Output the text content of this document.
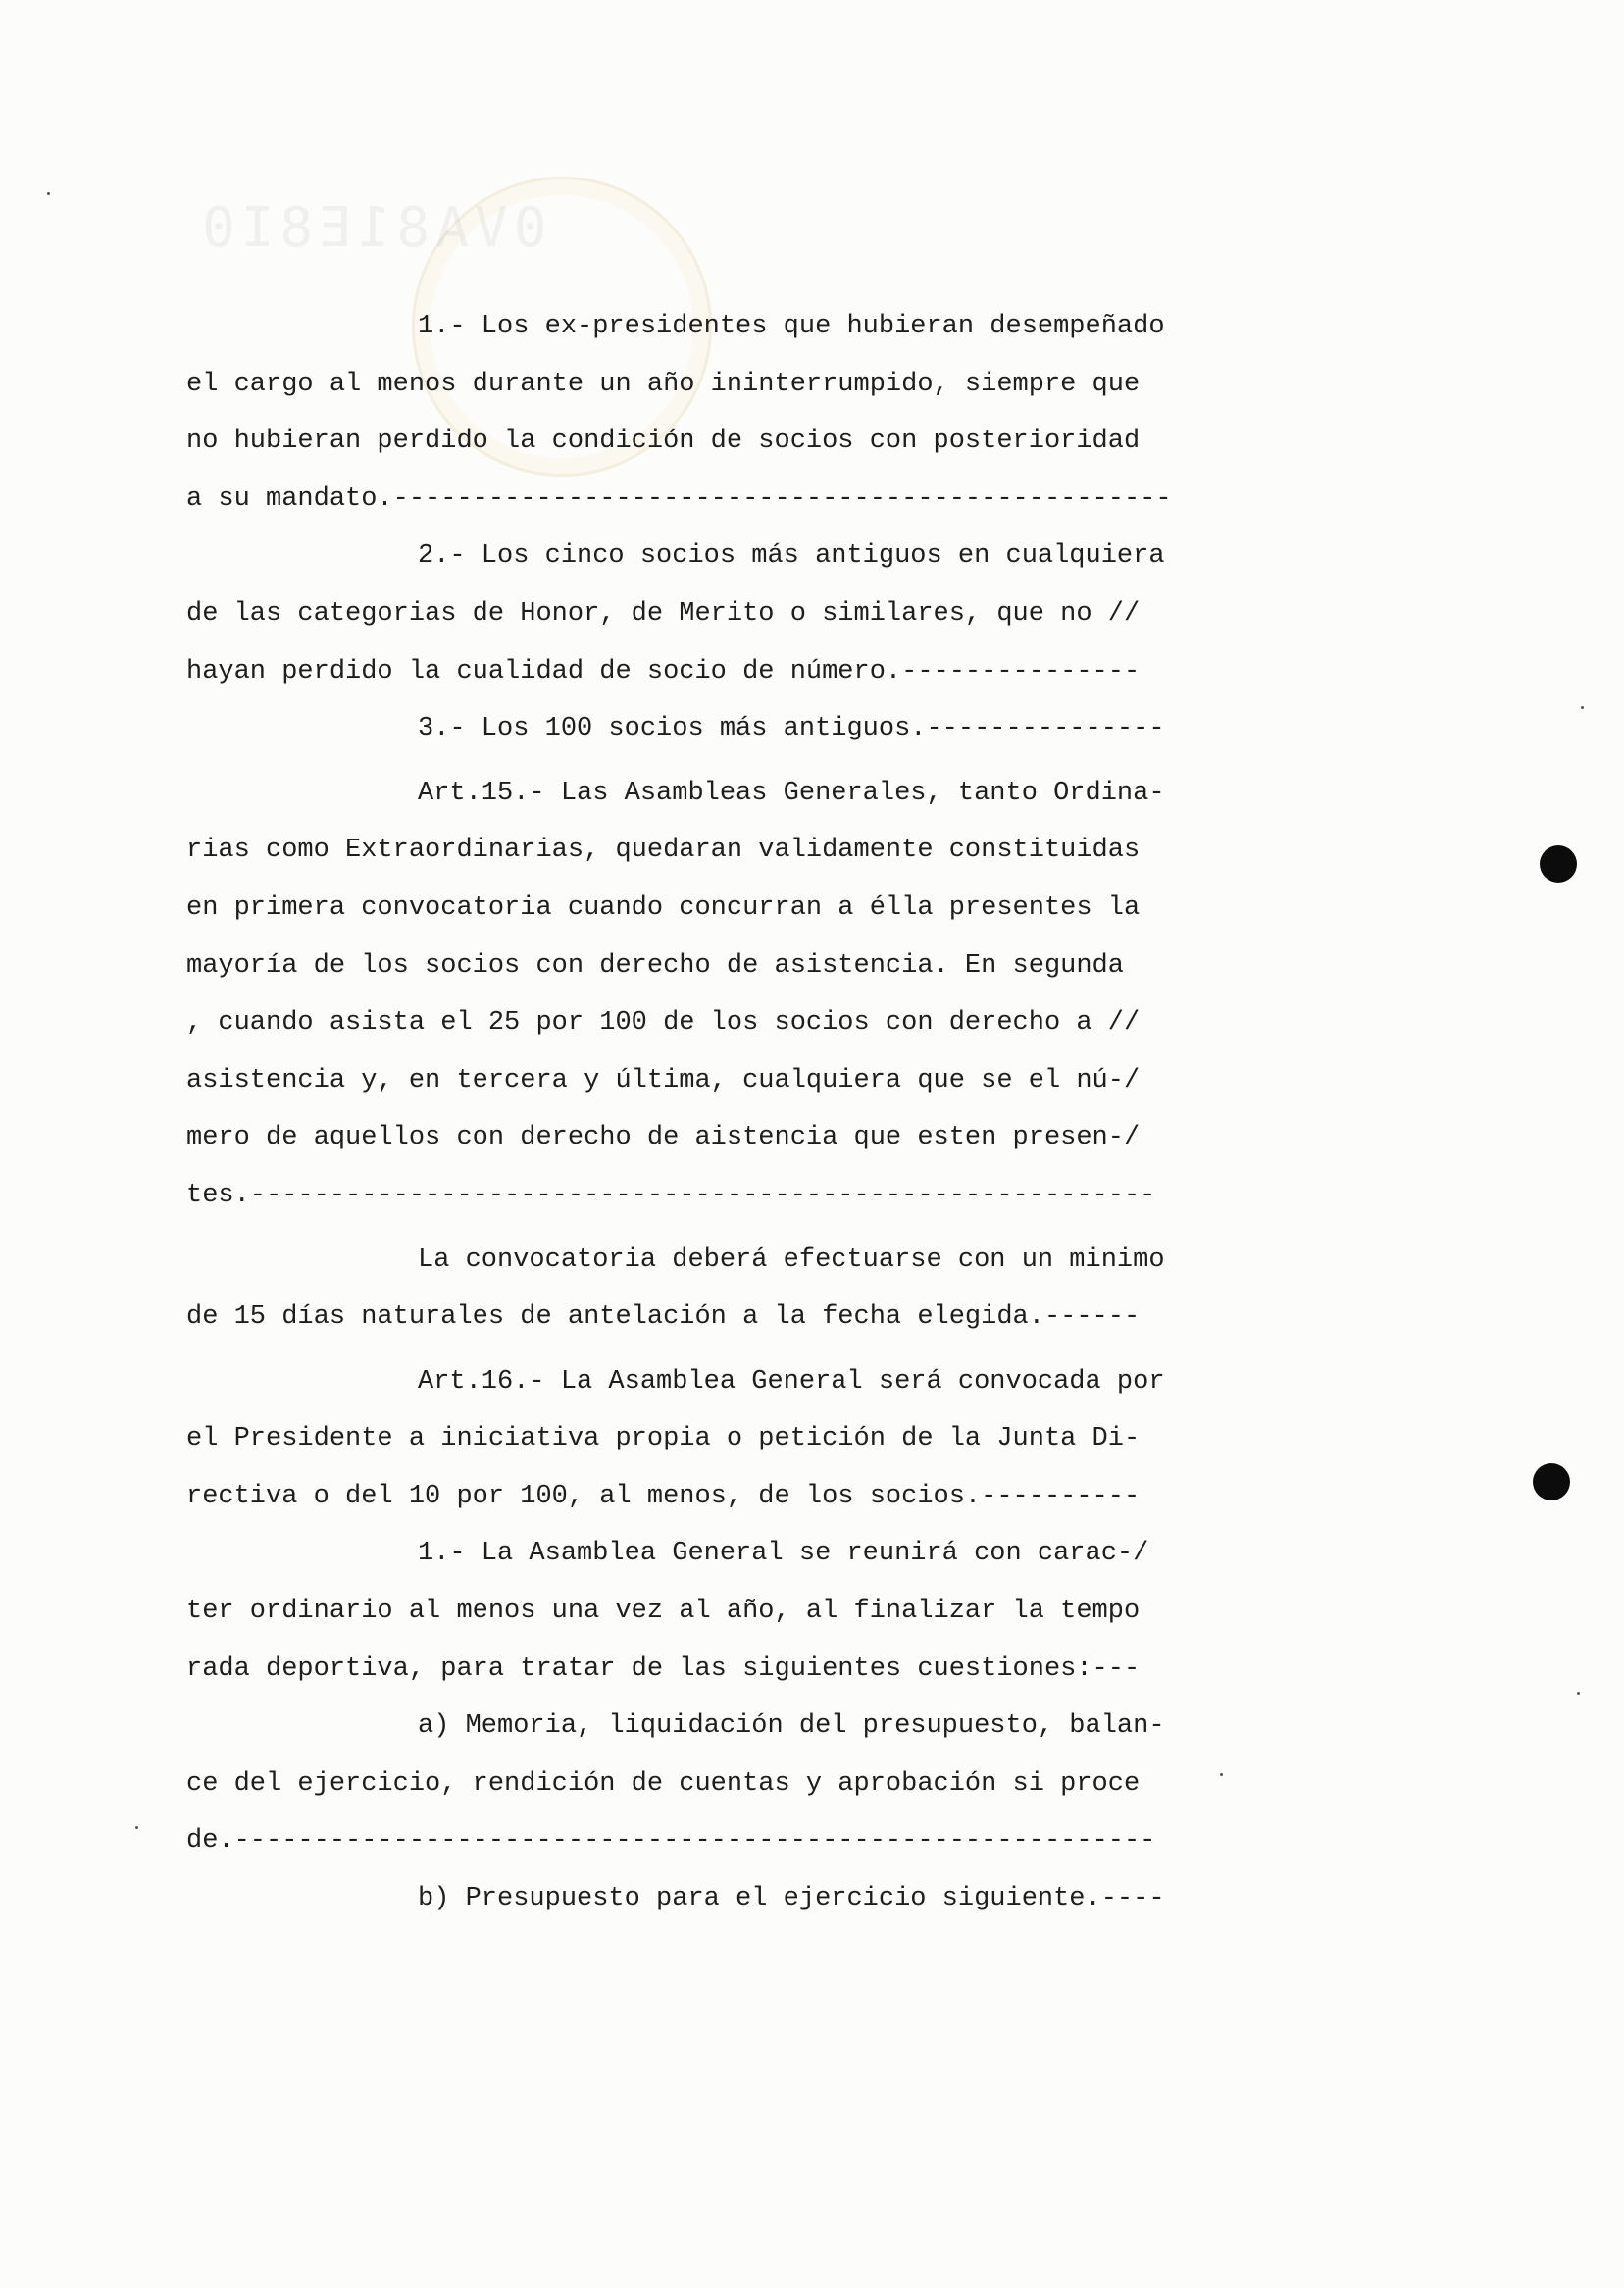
0VA81E8I0
1.- Los ex-presidentes que hubieran desempeñado
el cargo al menos durante un año ininterrumpido, siempre que
no hubieran perdido la condición de socios con posterioridad
a su mandato.-------------------------------------------------
2.- Los cinco socios más antiguos en cualquiera
de las categorias de Honor, de Merito o similares, que no //
hayan perdido la cualidad de socio de número.---------------
3.- Los 100 socios más antiguos.---------------
Art.15.- Las Asambleas Generales, tanto Ordina-
rias como Extraordinarias, quedaran validamente constituidas
en primera convocatoria cuando concurran a élla presentes la
mayoría de los socios con derecho de asistencia. En segunda
, cuando asista el 25 por 100 de los socios con derecho a //
asistencia y, en tercera y última, cualquiera que se el nú-/
mero de aquellos con derecho de aistencia que esten presen-/
tes.---------------------------------------------------------
La convocatoria deberá efectuarse con un minimo
de 15 días naturales de antelación a la fecha elegida.------
Art.16.- La Asamblea General será convocada por
el Presidente a iniciativa propia o petición de la Junta Di-
rectiva o del 10 por 100, al menos, de los socios.----------
1.- La Asamblea General se reunirá con carac-/
ter ordinario al menos una vez al año, al finalizar la tempo
rada deportiva, para tratar de las siguientes cuestiones:---
a) Memoria, liquidación del presupuesto, balan-
ce del ejercicio, rendición de cuentas y aprobación si proce
de.----------------------------------------------------------
b) Presupuesto para el ejercicio siguiente.----
